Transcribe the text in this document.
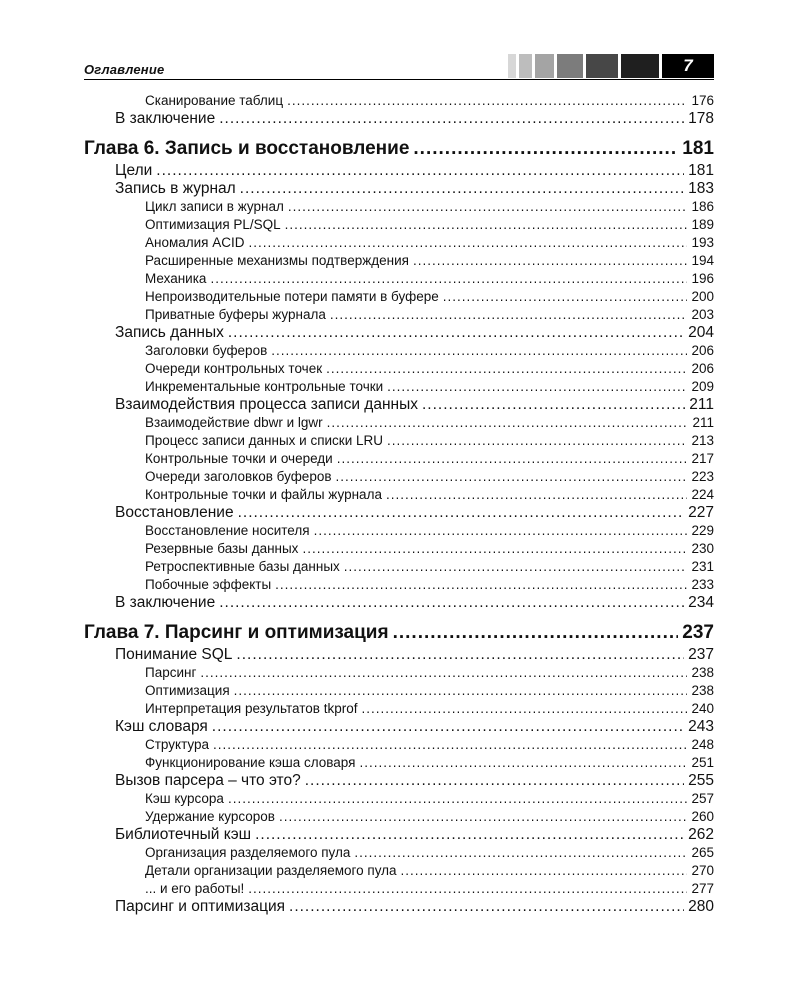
Оглавление	7
Сканирование таблиц .....	176
В заключение .....	178
Глава 6. Запись и восстановление .....	181
Цели .....	181
Запись в журнал .....	183
Цикл записи в журнал .....	186
Оптимизация PL/SQL .....	189
Аномалия ACID .....	193
Расширенные механизмы подтверждения .....	194
Механика .....	196
Непроизводительные потери памяти в буфере .....	200
Приватные буферы журнала .....	203
Запись данных .....	204
Заголовки буферов .....	206
Очереди контрольных точек .....	206
Инкрементальные контрольные точки .....	209
Взаимодействия процесса записи данных .....	211
Взаимодействие dbwr и lgwr .....	211
Процесс записи данных и списки LRU .....	213
Контрольные точки и очереди .....	217
Очереди заголовков буферов .....	223
Контрольные точки и файлы журнала .....	224
Восстановление .....	227
Восстановление носителя .....	229
Резервные базы данных .....	230
Ретроспективные базы данных .....	231
Побочные эффекты .....	233
В заключение .....	234
Глава 7. Парсинг и оптимизация .....	237
Понимание SQL .....	237
Парсинг .....	238
Оптимизация .....	238
Интерпретация результатов tkprof .....	240
Кэш словаря .....	243
Структура .....	248
Функционирование кэша словаря .....	251
Вызов парсера – что это? .....	255
Кэш курсора .....	257
Удержание курсоров .....	260
Библиотечный кэш .....	262
Организация разделяемого пула .....	265
Детали организации разделяемого пула .....	270
... и его работы! .....	277
Парсинг и оптимизация .....	280
